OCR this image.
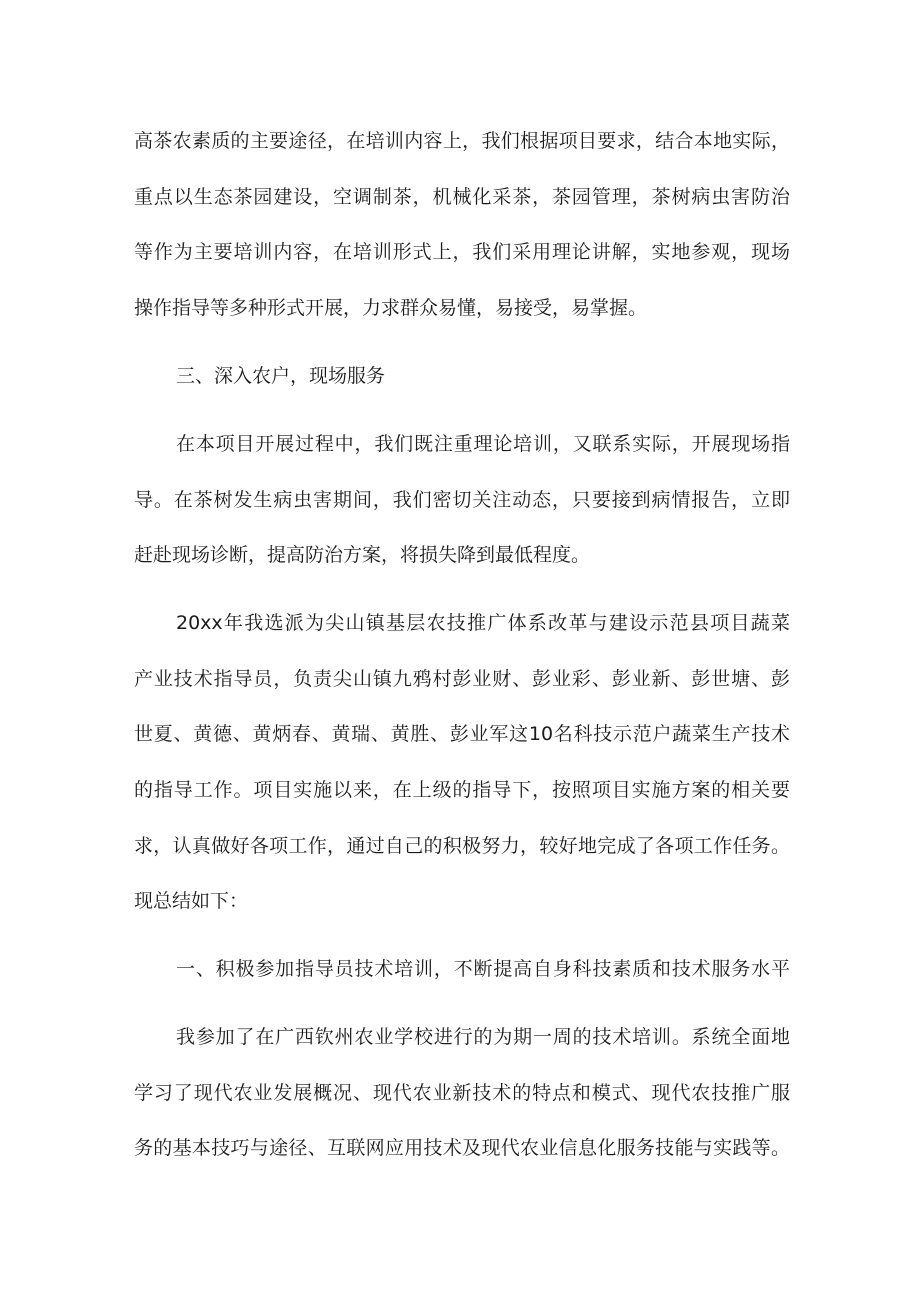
高茶农素质的主要途径，在培训内容上，我们根据项目要求，结合本地实际，

重点以生态茶园建设，空调制茶，机械化采茶，茶园管理，茶树病虫害防治

等作为主要培训内容，在培训形式上，我们采用理论讲解，实地参观，现场

操作指导等多种形式开展，力求群众易懂，易接受，易掌握。

三、深入农户，现场服务

在本项目开展过程中，我们既注重理论培训，又联系实际，开展现场指

导。在茶树发生病虫害期间，我们密切关注动态，只要接到病情报告，立即

赶赴现场诊断，提高防治方案，将损失降到最低程度。

20xx年我选派为尖山镇基层农技推广体系改革与建设示范县项目蔬菜

产业技术指导员，负责尖山镇九鸦村彭业财、彭业彩、彭业新、彭世塘、彭

世夏、黄德、黄炳春、黄瑞、黄胜、彭业军这10名科技示范户蔬菜生产技术

的指导工作。项目实施以来，在上级的指导下，按照项目实施方案的相关要

求，认真做好各项工作，通过自己的积极努力，较好地完成了各项工作任务。

现总结如下：

一、积极参加指导员技术培训，不断提高自身科技素质和技术服务水平

我参加了在广西钦州农业学校进行的为期一周的技术培训。系统全面地

学习了现代农业发展概况、现代农业新技术的特点和模式、现代农技推广服

务的基本技巧与途径、互联网应用技术及现代农业信息化服务技能与实践等。
